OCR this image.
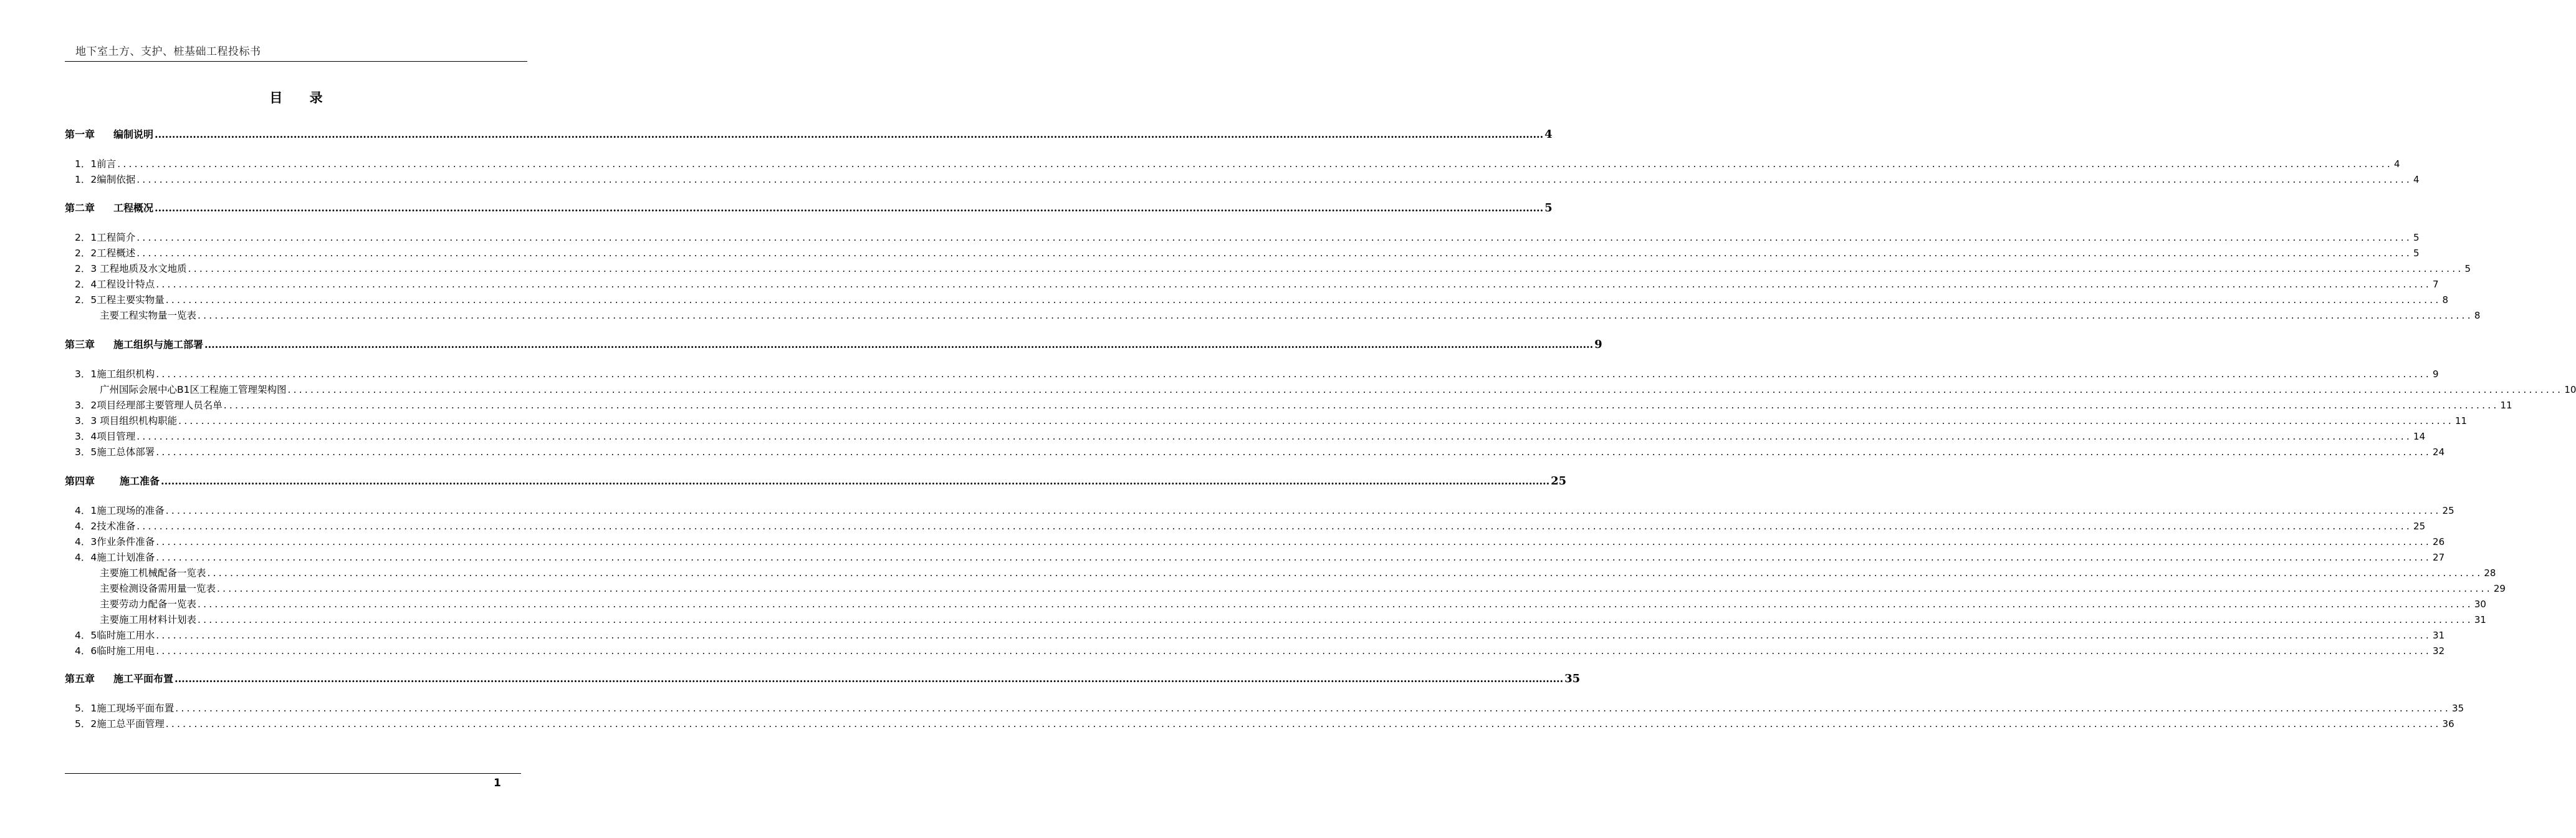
地下室土方、支护、桩基础工程投标书
目 录
第一章 编制说明 ................................................................................................................................................................................................................................................................................................................................................................................................................ 4
1．1前言 ................................................................................................................................................................................................................................................................................................................................................................................................................ 4
1．2编制依据 ................................................................................................................................................................................................................................................................................................................................................................................................................ 4
第二章 工程概况 ................................................................................................................................................................................................................................................................................................................................................................................................................ 5
2．1工程简介 ................................................................................................................................................................................................................................................................................................................................................................................................................ 5
2．2工程概述 ................................................................................................................................................................................................................................................................................................................................................................................................................ 5
2．3 工程地质及水文地质 ................................................................................................................................................................................................................................................................................................................................................................................................................ 5
2．4工程设计特点 ................................................................................................................................................................................................................................................................................................................................................................................................................ 7
2．5工程主要实物量 ................................................................................................................................................................................................................................................................................................................................................................................................................ 8
主要工程实物量一览表 ................................................................................................................................................................................................................................................................................................................................................................................................................ 8
第三章 施工组织与施工部署 ................................................................................................................................................................................................................................................................................................................................................................................................................ 9
3．1施工组织机构 ................................................................................................................................................................................................................................................................................................................................................................................................................ 9
广州国际会展中心B1区工程施工管理架构图 ................................................................................................................................................................................................................................................................................................................................................................................................................ 10
3．2项目经理部主要管理人员名单 ................................................................................................................................................................................................................................................................................................................................................................................................................ 11
3．3 项目组织机构职能 ................................................................................................................................................................................................................................................................................................................................................................................................................ 11
3．4项目管理 ................................................................................................................................................................................................................................................................................................................................................................................................................ 14
3．5施工总体部署 ................................................................................................................................................................................................................................................................................................................................................................................................................ 24
第四章	施工准备 ................................................................................................................................................................................................................................................................................................................................................................................................................ 25
4．1施工现场的准备 ................................................................................................................................................................................................................................................................................................................................................................................................................ 25
4．2技术准备 ................................................................................................................................................................................................................................................................................................................................................................................................................ 25
4．3作业条件准备 ................................................................................................................................................................................................................................................................................................................................................................................................................ 26
4．4施工计划准备 ................................................................................................................................................................................................................................................................................................................................................................................................................ 27
主要施工机械配备一览表 ................................................................................................................................................................................................................................................................................................................................................................................................................ 28
主要检测设备需用量一览表 ................................................................................................................................................................................................................................................................................................................................................................................................................ 29
主要劳动力配备一览表 ................................................................................................................................................................................................................................................................................................................................................................................................................ 30
主要施工用材料计划表 ................................................................................................................................................................................................................................................................................................................................................................................................................ 31
4．5临时施工用水 ................................................................................................................................................................................................................................................................................................................................................................................................................ 31
4．6临时施工用电 ................................................................................................................................................................................................................................................................................................................................................................................................................ 32
第五章 施工平面布置 ................................................................................................................................................................................................................................................................................................................................................................................................................ 35
5．1施工现场平面布置 ................................................................................................................................................................................................................................................................................................................................................................................................................ 35
5．2施工总平面管理 ................................................................................................................................................................................................................................................................................................................................................................................................................ 36
1
